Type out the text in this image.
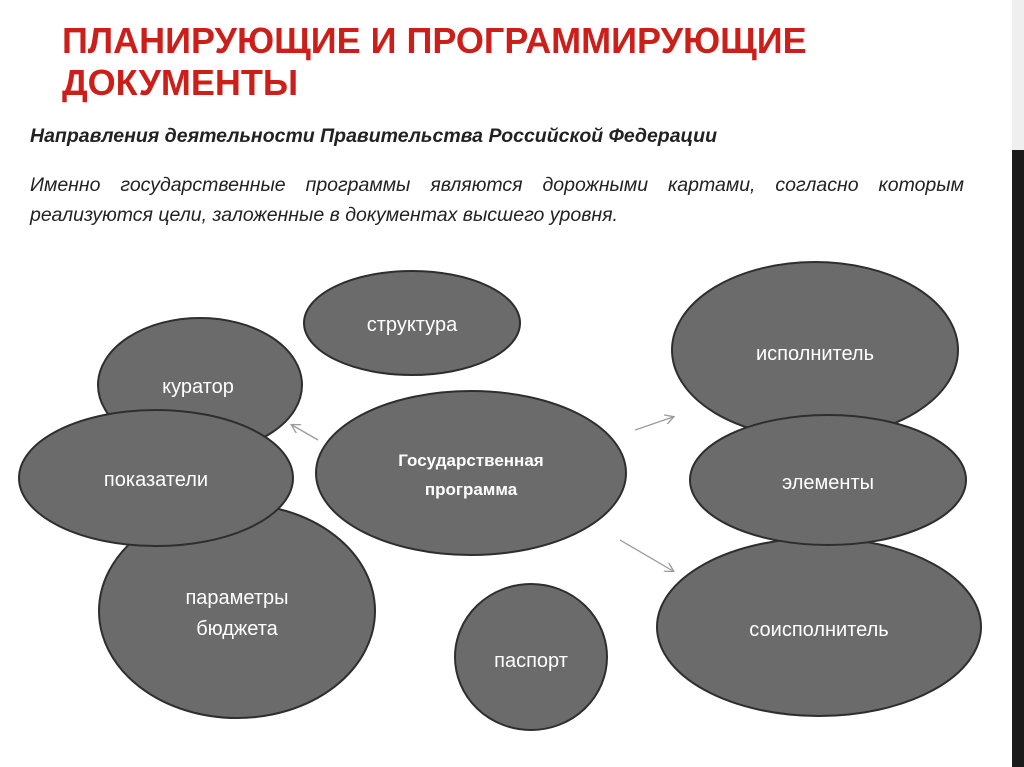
ПЛАНИРУЮЩИЕ И ПРОГРАММИРУЮЩИЕ
ДОКУМЕНТЫ

Направления деятельности Правительства Российской Федерации

Именно государственные программы являются дорожными картами, согласно которым реализуются цели, заложенные в документах высшего уровня.

структура
куратор
параметры
бюджета
показатели
Государственная
программа
паспорт
исполнитель
соисполнитель
элементы
